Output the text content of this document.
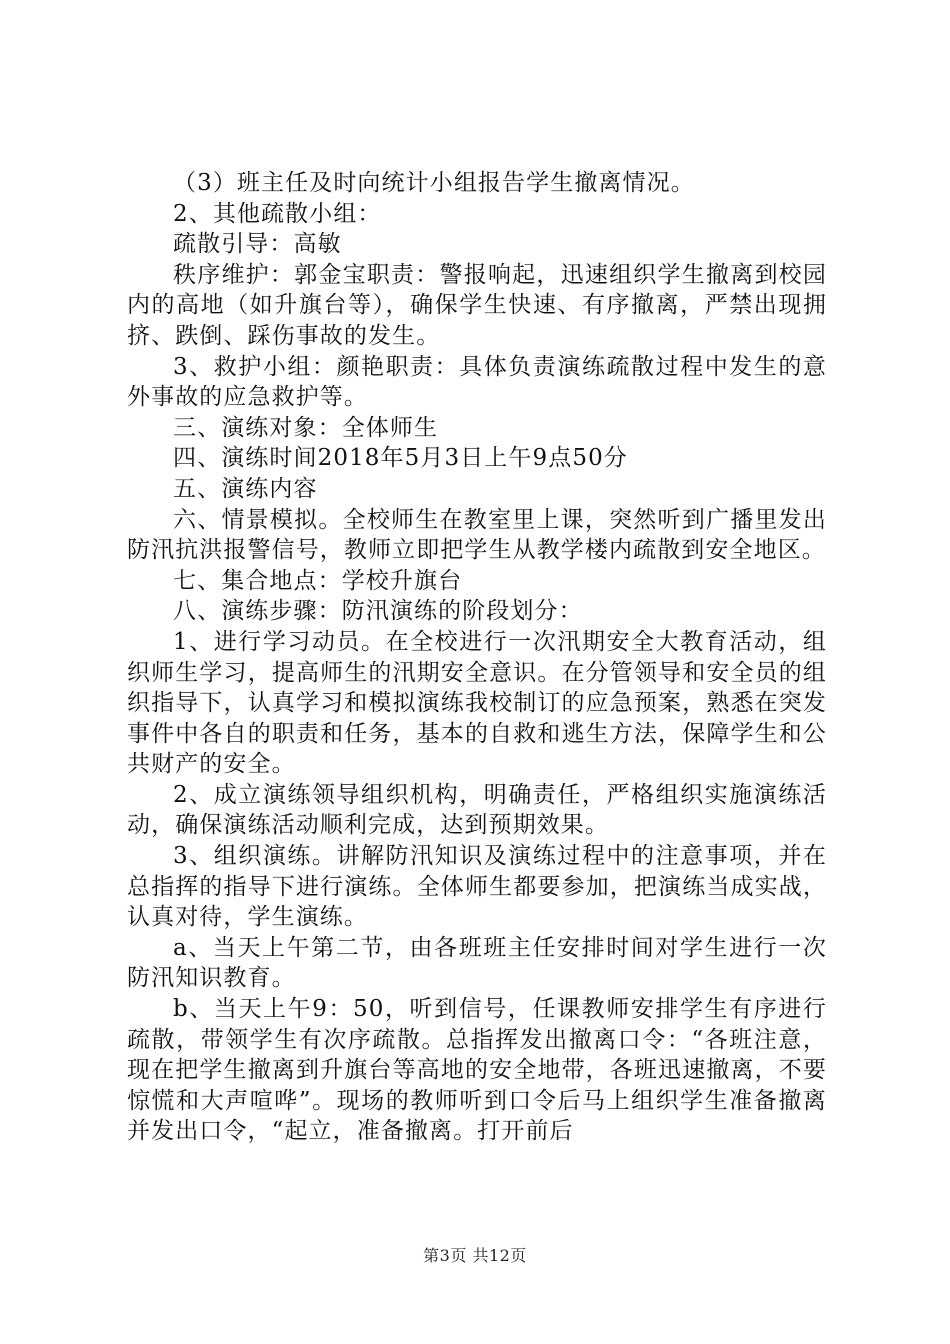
（3）班主任及时向统计小组报告学生撤离情况。

2、其他疏散小组：

疏散引导：高敏

秩序维护：郭金宝职责：警报响起，迅速组织学生撤离到校园内的高地（如升旗台等），确保学生快速、有序撤离，严禁出现拥挤、跌倒、踩伤事故的发生。

3、救护小组：颜艳职责：具体负责演练疏散过程中发生的意外事故的应急救护等。

三、演练对象：全体师生

四、演练时间2018年5月3日上午9点50分

五、演练内容

六、情景模拟。全校师生在教室里上课，突然听到广播里发出防汛抗洪报警信号，教师立即把学生从教学楼内疏散到安全地区。

七、集合地点：学校升旗台

八、演练步骤：防汛演练的阶段划分：

1、进行学习动员。在全校进行一次汛期安全大教育活动，组织师生学习，提高师生的汛期安全意识。在分管领导和安全员的组织指导下，认真学习和模拟演练我校制订的应急预案，熟悉在突发事件中各自的职责和任务，基本的自救和逃生方法，保障学生和公共财产的安全。

2、成立演练领导组织机构，明确责任，严格组织实施演练活动，确保演练活动顺利完成，达到预期效果。

3、组织演练。讲解防汛知识及演练过程中的注意事项，并在总指挥的指导下进行演练。全体师生都要参加，把演练当成实战，认真对待，学生演练。

a、当天上午第二节，由各班班主任安排时间对学生进行一次防汛知识教育。

b、当天上午9：50，听到信号，任课教师安排学生有序进行疏散，带领学生有次序疏散。总指挥发出撤离口令：“各班注意，现在把学生撤离到升旗台等高地的安全地带，各班迅速撤离，不要惊慌和大声喧哗”。现场的教师听到口令后马上组织学生准备撤离并发出口令，“起立，准备撤离。打开前后

第3页 共12页
